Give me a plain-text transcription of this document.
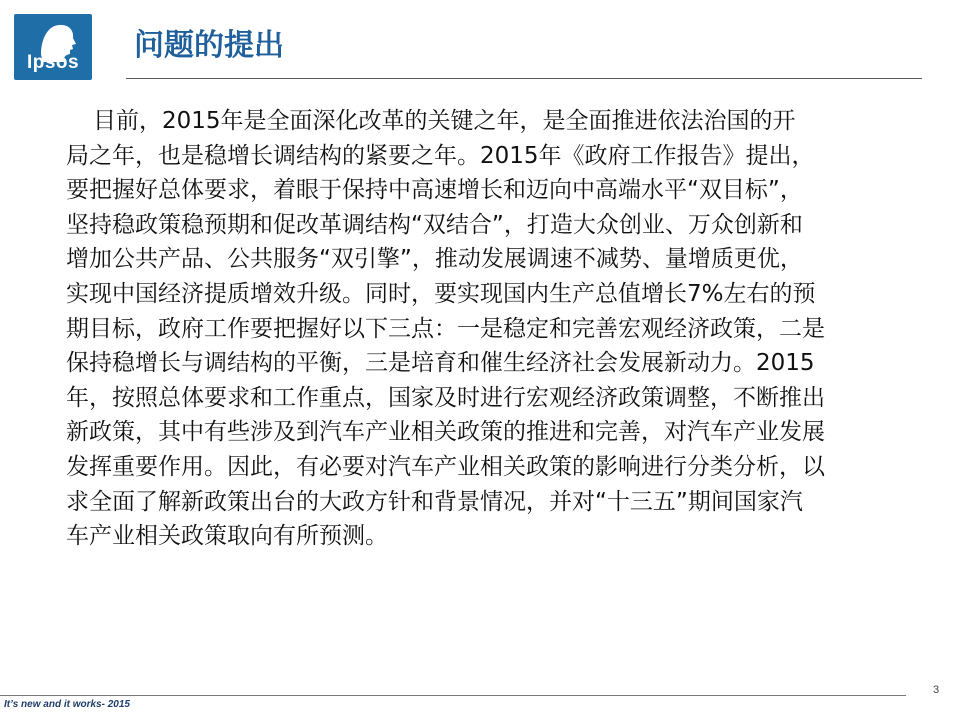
Ipsos	问题的提出
目前，2015年是全面深化改革的关键之年，是全面推进依法治国的开
局之年，也是稳增长调结构的紧要之年。2015年《政府工作报告》提出，
要把握好总体要求，着眼于保持中高速增长和迈向中高端水平“双目标”，
坚持稳政策稳预期和促改革调结构“双结合”，打造大众创业、万众创新和
增加公共产品、公共服务“双引擎”，推动发展调速不减势、量增质更优，
实现中国经济提质增效升级。同时，要实现国内生产总值增长7%左右的预
期目标，政府工作要把握好以下三点：一是稳定和完善宏观经济政策，二是
保持稳增长与调结构的平衡，三是培育和催生经济社会发展新动力。2015
年，按照总体要求和工作重点，国家及时进行宏观经济政策调整，不断推出
新政策，其中有些涉及到汽车产业相关政策的推进和完善，对汽车产业发展
发挥重要作用。因此，有必要对汽车产业相关政策的影响进行分类分析，以
求全面了解新政策出台的大政方针和背景情况，并对“十三五”期间国家汽
车产业相关政策取向有所预测。
3
It’s new and it works- 2015
